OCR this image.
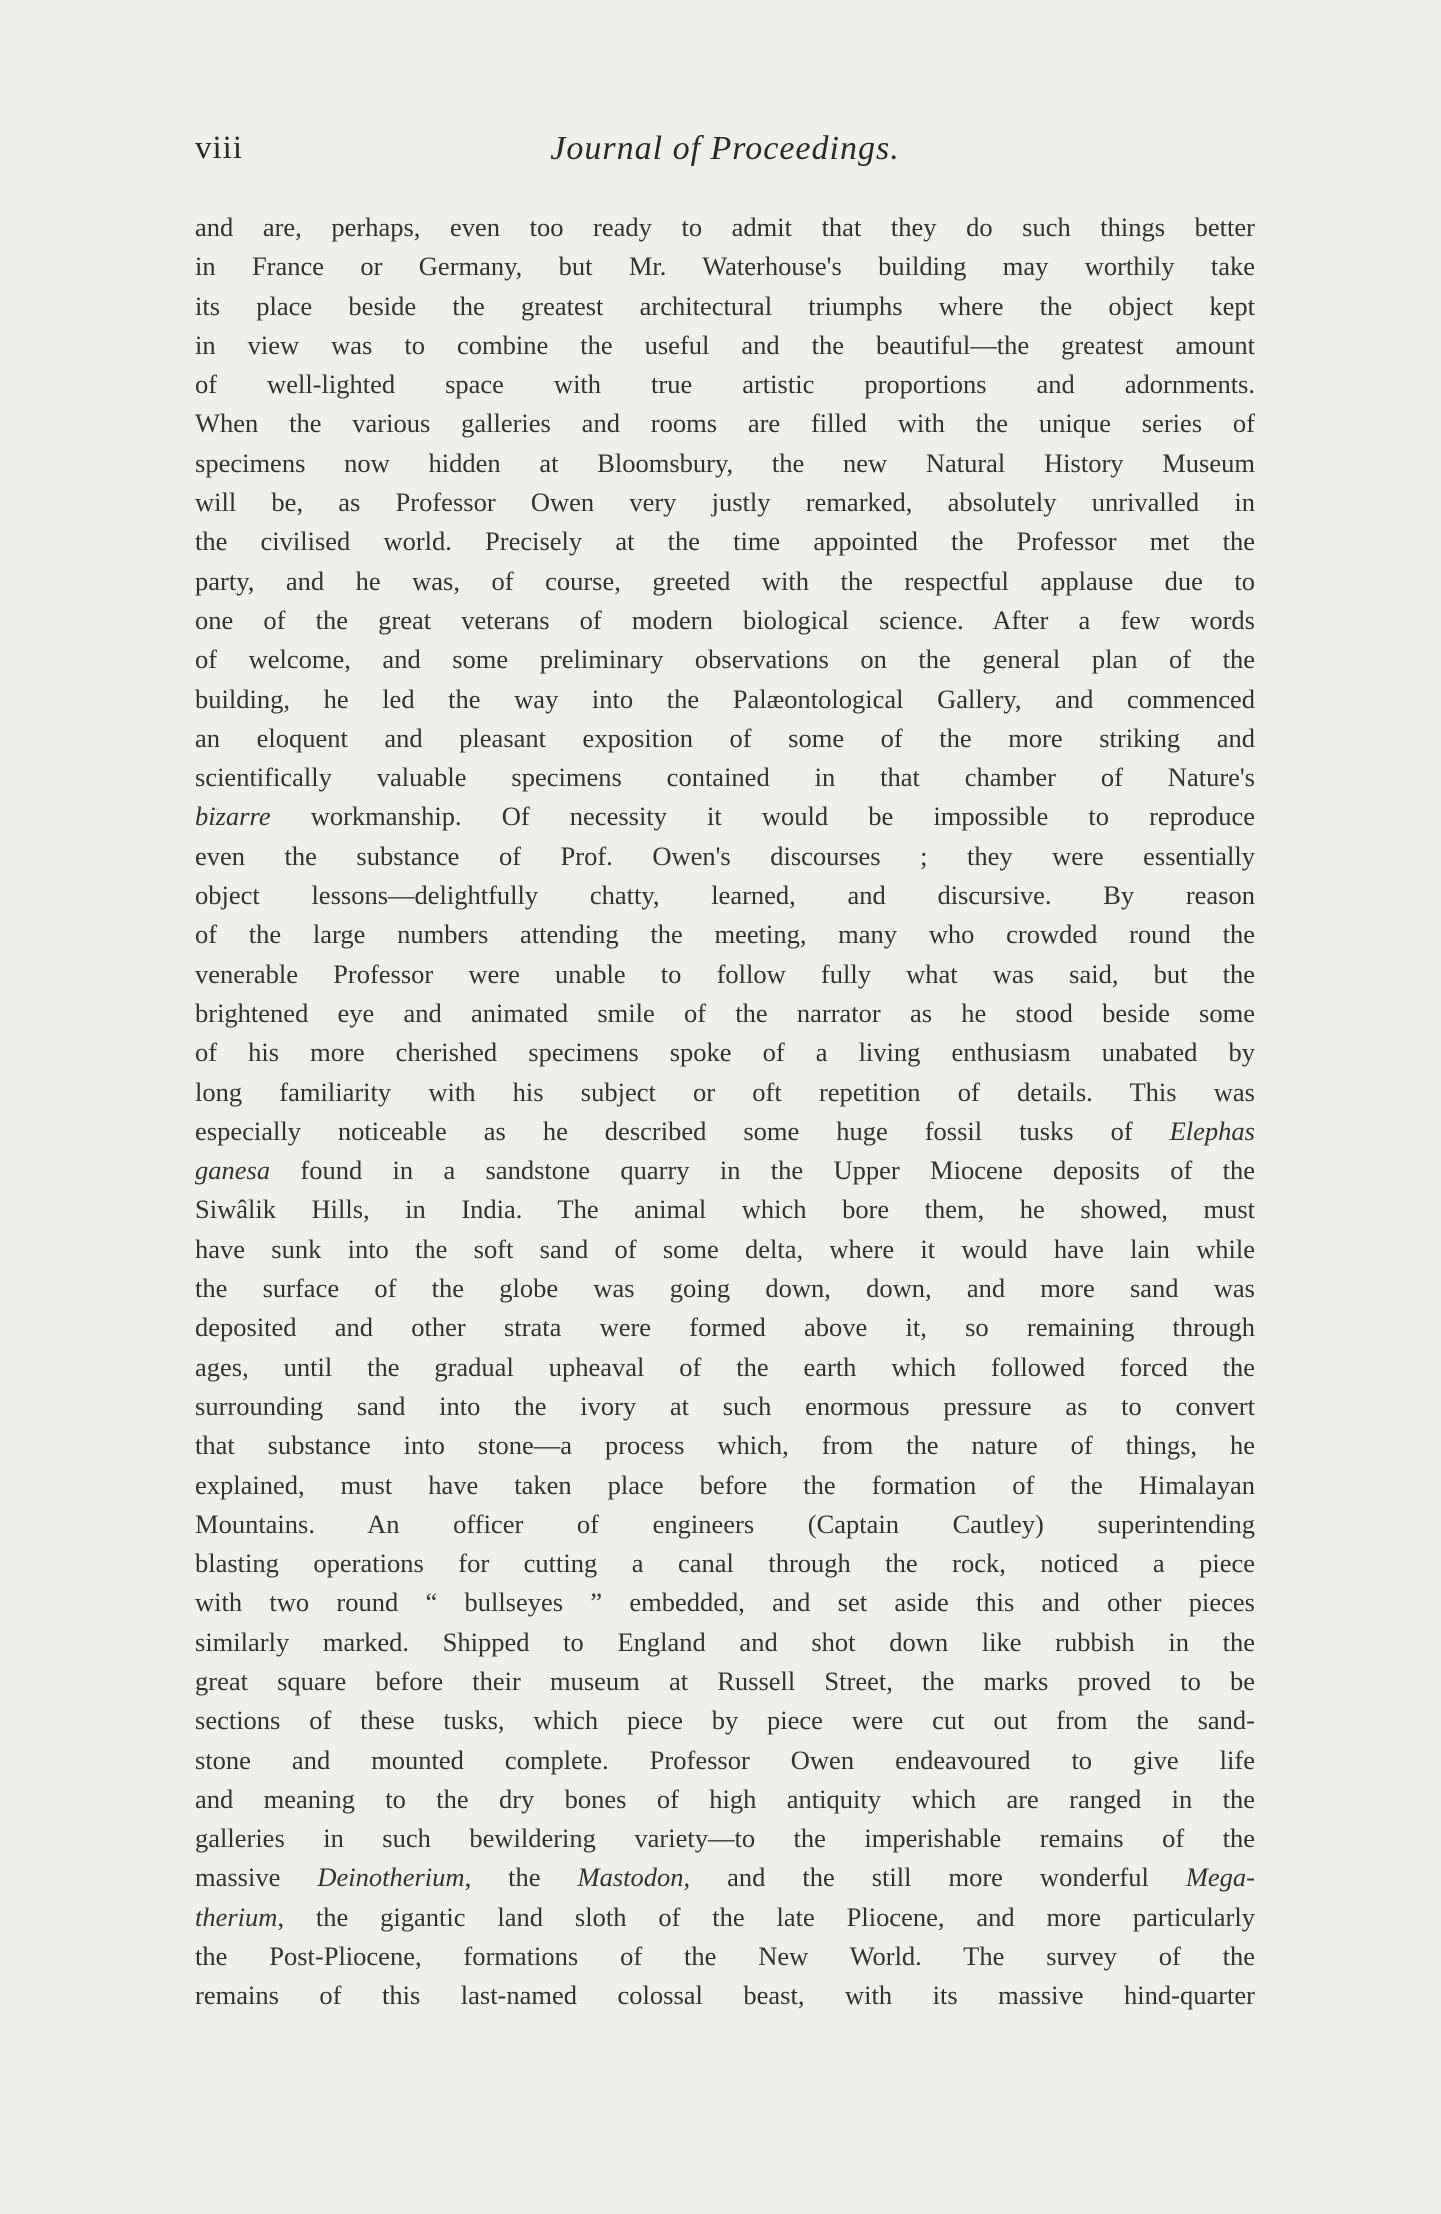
viii	Journal of Proceedings.
and are, perhaps, even too ready to admit that they do such things better
in France or Germany, but Mr. Waterhouse's building may worthily take
its place beside the greatest architectural triumphs where the object kept
in view was to combine the useful and the beautiful—the greatest amount
of well-lighted space with true artistic proportions and adornments.
When the various galleries and rooms are filled with the unique series of
specimens now hidden at Bloomsbury, the new Natural History Museum
will be, as Professor Owen very justly remarked, absolutely unrivalled in
the civilised world. Precisely at the time appointed the Professor met the
party, and he was, of course, greeted with the respectful applause due to
one of the great veterans of modern biological science. After a few words
of welcome, and some preliminary observations on the general plan of the
building, he led the way into the Palæontological Gallery, and commenced
an eloquent and pleasant exposition of some of the more striking and
scientifically valuable specimens contained in that chamber of Nature's
bizarre workmanship. Of necessity it would be impossible to reproduce
even the substance of Prof. Owen's discourses ; they were essentially
object lessons—delightfully chatty, learned, and discursive. By reason
of the large numbers attending the meeting, many who crowded round the
venerable Professor were unable to follow fully what was said, but the
brightened eye and animated smile of the narrator as he stood beside some
of his more cherished specimens spoke of a living enthusiasm unabated by
long familiarity with his subject or oft repetition of details. This was
especially noticeable as he described some huge fossil tusks of Elephas
ganesa found in a sandstone quarry in the Upper Miocene deposits of the
Siwâlik Hills, in India. The animal which bore them, he showed, must
have sunk into the soft sand of some delta, where it would have lain while
the surface of the globe was going down, down, and more sand was
deposited and other strata were formed above it, so remaining through
ages, until the gradual upheaval of the earth which followed forced the
surrounding sand into the ivory at such enormous pressure as to convert
that substance into stone—a process which, from the nature of things, he
explained, must have taken place before the formation of the Himalayan
Mountains. An officer of engineers (Captain Cautley) superintending
blasting operations for cutting a canal through the rock, noticed a piece
with two round “ bullseyes ” embedded, and set aside this and other pieces
similarly marked. Shipped to England and shot down like rubbish in the
great square before their museum at Russell Street, the marks proved to be
sections of these tusks, which piece by piece were cut out from the sand-
stone and mounted complete. Professor Owen endeavoured to give life
and meaning to the dry bones of high antiquity which are ranged in the
galleries in such bewildering variety—to the imperishable remains of the
massive Deinotherium, the Mastodon, and the still more wonderful Mega-
therium, the gigantic land sloth of the late Pliocene, and more particularly
the Post-Pliocene, formations of the New World. The survey of the
remains of this last-named colossal beast, with its massive hind-quarter
